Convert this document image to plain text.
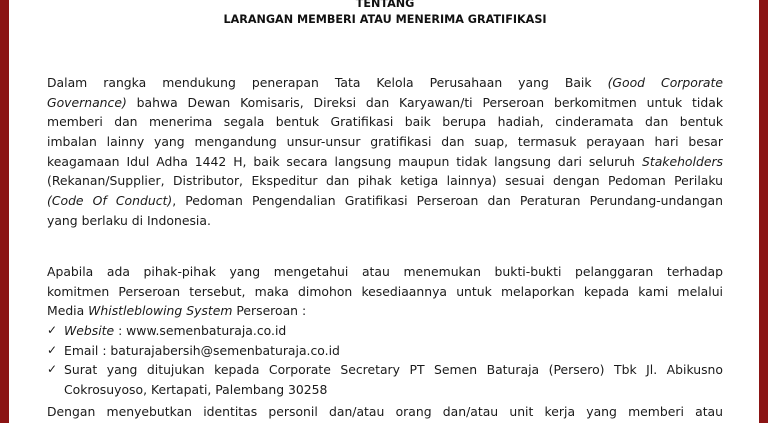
TENTANG

LARANGAN MEMBERI ATAU MENERIMA GRATIFIKASI

Dalam rangka mendukung penerapan Tata Kelola Perusahaan yang Baik (Good Corporate
Governance) bahwa Dewan Komisaris, Direksi dan Karyawan/ti Perseroan berkomitmen untuk tidak
memberi dan menerima segala bentuk Gratifikasi baik berupa hadiah, cinderamata dan bentuk
imbalan lainny yang mengandung unsur-unsur gratifikasi dan suap, termasuk perayaan hari besar
keagamaan Idul Adha 1442 H, baik secara langsung maupun tidak langsung dari seluruh Stakeholders
(Rekanan/Supplier, Distributor, Ekspeditur dan pihak ketiga lainnya) sesuai dengan Pedoman Perilaku
(Code Of Conduct), Pedoman Pengendalian Gratifikasi Perseroan dan Peraturan Perundang-undangan
yang berlaku di Indonesia.
Apabila ada pihak-pihak yang mengetahui atau menemukan bukti-bukti pelanggaran terhadap
komitmen Perseroan tersebut, maka dimohon kesediaannya untuk melaporkan kepada kami melalui
Media Whistleblowing System Perseroan :
✓ Website : www.semenbaturaja.co.id
✓ Email : baturajabersih@semenbaturaja.co.id
✓ Surat yang ditujukan kepada Corporate Secretary PT Semen Baturaja (Persero) Tbk Jl. Abikusno
Cokrosuyoso, Kertapati, Palembang 30258
Dengan menyebutkan identitas personil dan/atau orang dan/atau unit kerja yang memberi atau
